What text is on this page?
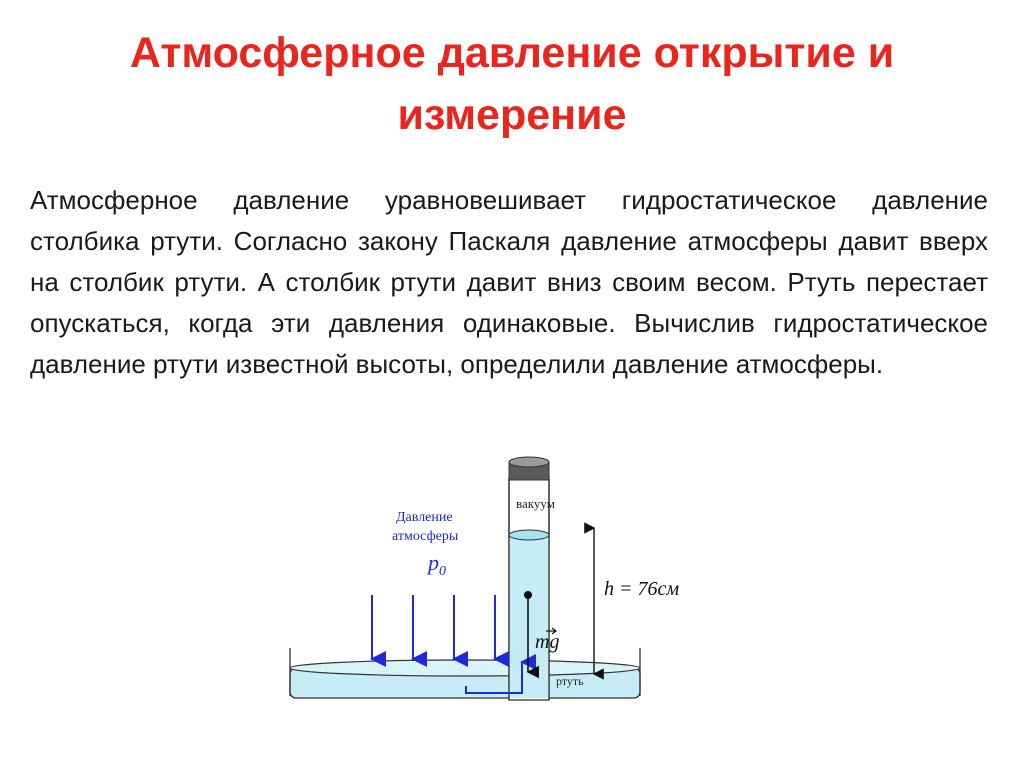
Атмосферное давление открытие и измерение
Атмосферное давление уравновешивает гидростатическое давление столбика ртути. Согласно закону Паскаля давление атмосферы давит вверх на столбик ртути. А столбик ртути давит вниз своим весом. Ртуть перестает опускаться, когда эти давления одинаковые. Вычислив гидростатическое давление ртути известной высоты, определили давление атмосферы.
вакуум
Давление
атмосферы
$p_0$
mg
h = 76см
ртуть
